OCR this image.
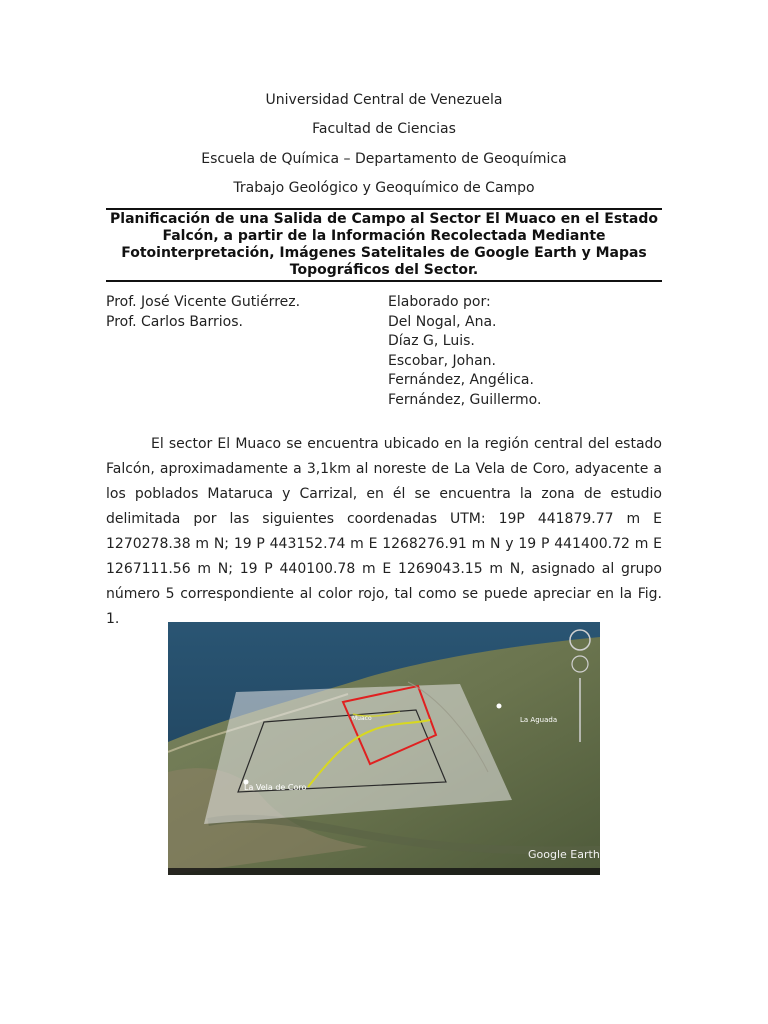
Universidad Central de Venezuela
Facultad de Ciencias
Escuela de Química – Departamento de Geoquímica
Trabajo Geológico y Geoquímico de Campo
Planificación de una Salida de Campo al Sector El Muaco en el Estado
Falcón, a partir de la Información Recolectada Mediante
Fotointerpretación, Imágenes Satelitales de Google Earth y Mapas
Topográficos del Sector.
Prof. José Vicente Gutiérrez.
Prof. Carlos Barrios.
Elaborado por:
Del Nogal, Ana.
Díaz G, Luis.
Escobar, Johan.
Fernández, Angélica.
Fernández, Guillermo.
El sector El Muaco se encuentra ubicado en la región central del estado Falcón, aproximadamente a 3,1km al noreste de La Vela de Coro, adyacente a los poblados Mataruca y Carrizal, en él se encuentra la zona de estudio delimitada por las siguientes coordenadas UTM: 19P 441879.77 m E 1270278.38 m N; 19 P 443152.74 m E 1268276.91 m N y 19 P 441400.72 m E 1267111.56 m N; 19 P 440100.78 m E 1269043.15 m N, asignado al grupo número 5 correspondiente al color rojo, tal como se puede apreciar en la Fig. 1.
La Vela de Coro
La Aguada
Muaco
Google Earth
